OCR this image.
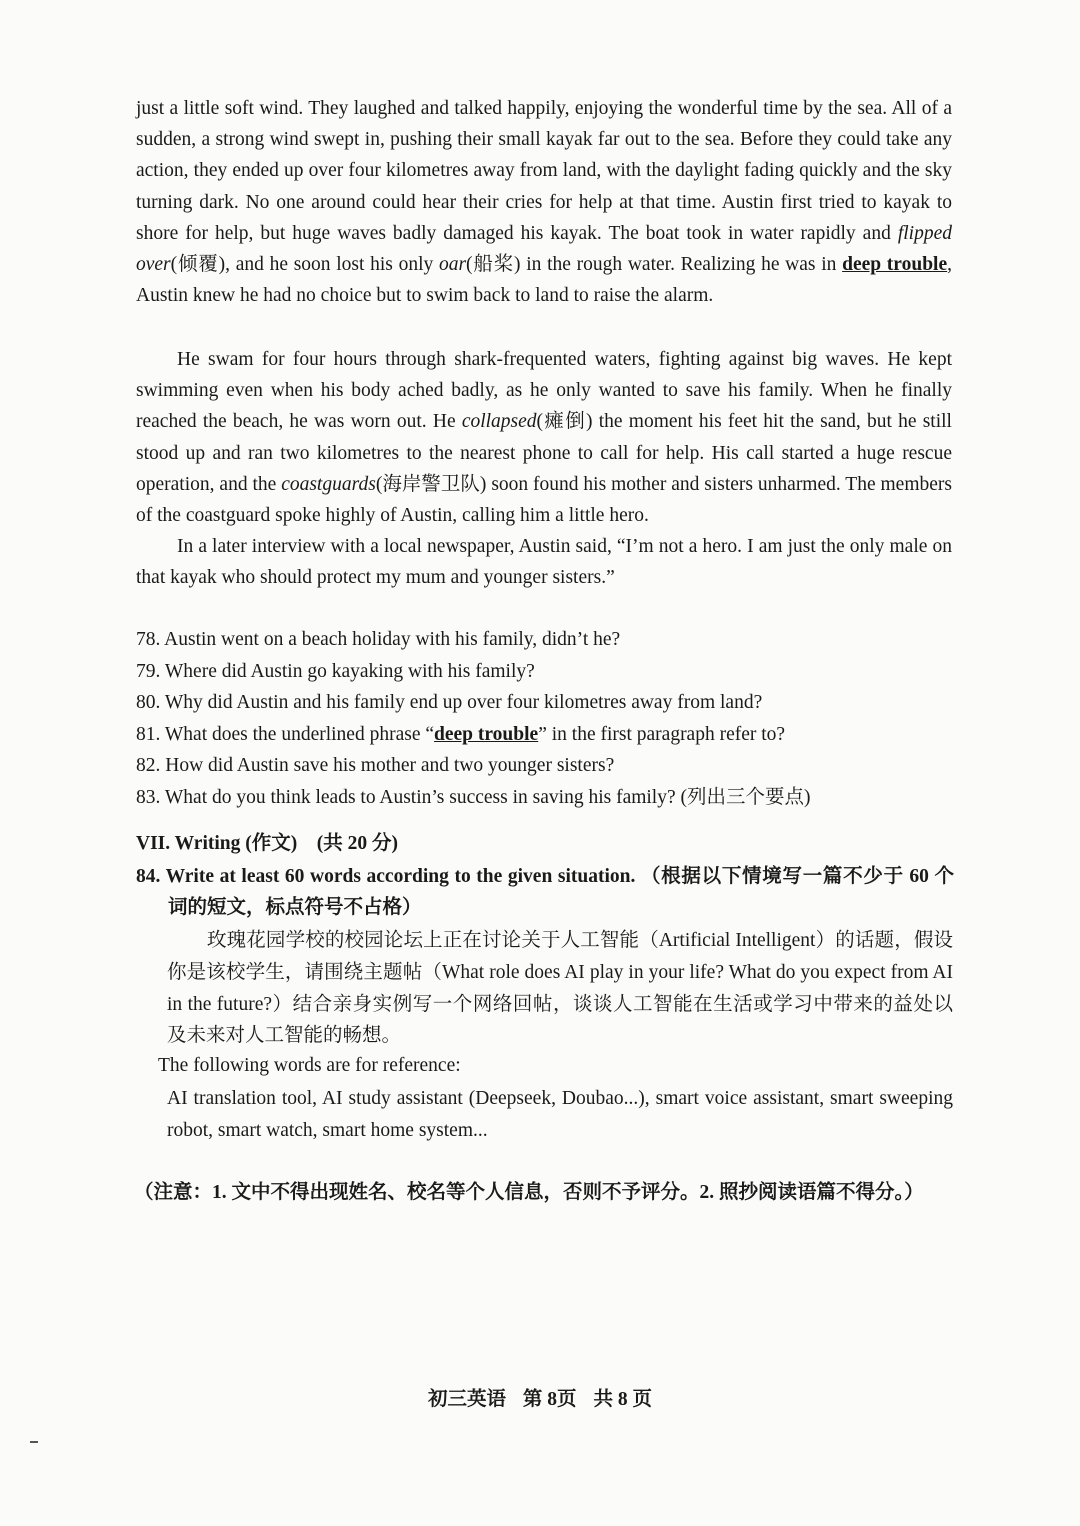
just a little soft wind. They laughed and talked happily, enjoying the wonderful time by the sea. All of a sudden, a strong wind swept in, pushing their small kayak far out to the sea. Before they could take any action, they ended up over four kilometres away from land, with the daylight fading quickly and the sky turning dark. No one around could hear their cries for help at that time. Austin first tried to kayak to shore for help, but huge waves badly damaged his kayak. The boat took in water rapidly and flipped over(倾覆), and he soon lost his only oar(船桨) in the rough water. Realizing he was in deep trouble, Austin knew he had no choice but to swim back to land to raise the alarm.

He swam for four hours through shark-frequented waters, fighting against big waves. He kept swimming even when his body ached badly, as he only wanted to save his family. When he finally reached the beach, he was worn out. He collapsed(瘫倒) the moment his feet hit the sand, but he still stood up and ran two kilometres to the nearest phone to call for help. His call started a huge rescue operation, and the coastguards(海岸警卫队) soon found his mother and sisters unharmed. The members of the coastguard spoke highly of Austin, calling him a little hero.

In a later interview with a local newspaper, Austin said, “I’m not a hero. I am just the only male on that kayak who should protect my mum and younger sisters.”

78. Austin went on a beach holiday with his family, didn’t he?
79. Where did Austin go kayaking with his family?
80. Why did Austin and his family end up over four kilometres away from land?
81. What does the underlined phrase “deep trouble” in the first paragraph refer to?
82. How did Austin save his mother and two younger sisters?
83. What do you think leads to Austin’s success in saving his family? (列出三个要点)

VII. Writing (作文)　(共 20 分)

84. Write at least 60 words according to the given situation. （根据以下情境写一篇不少于 60 个词的短文，标点符号不占格）

玫瑰花园学校的校园论坛上正在讨论关于人工智能（Artificial Intelligent）的话题，假设你是该校学生，请围绕主题帖（What role does AI play in your life? What do you expect from AI in the future?）结合亲身实例写一个网络回帖，谈谈人工智能在生活或学习中带来的益处以及未来对人工智能的畅想。

The following words are for reference:

AI translation tool, AI study assistant (Deepseek, Doubao...), smart voice assistant, smart sweeping robot, smart watch, smart home system...

（注意：1. 文中不得出现姓名、校名等个人信息，否则不予评分。2. 照抄阅读语篇不得分。）

初三英语 第 8页 共 8 页
